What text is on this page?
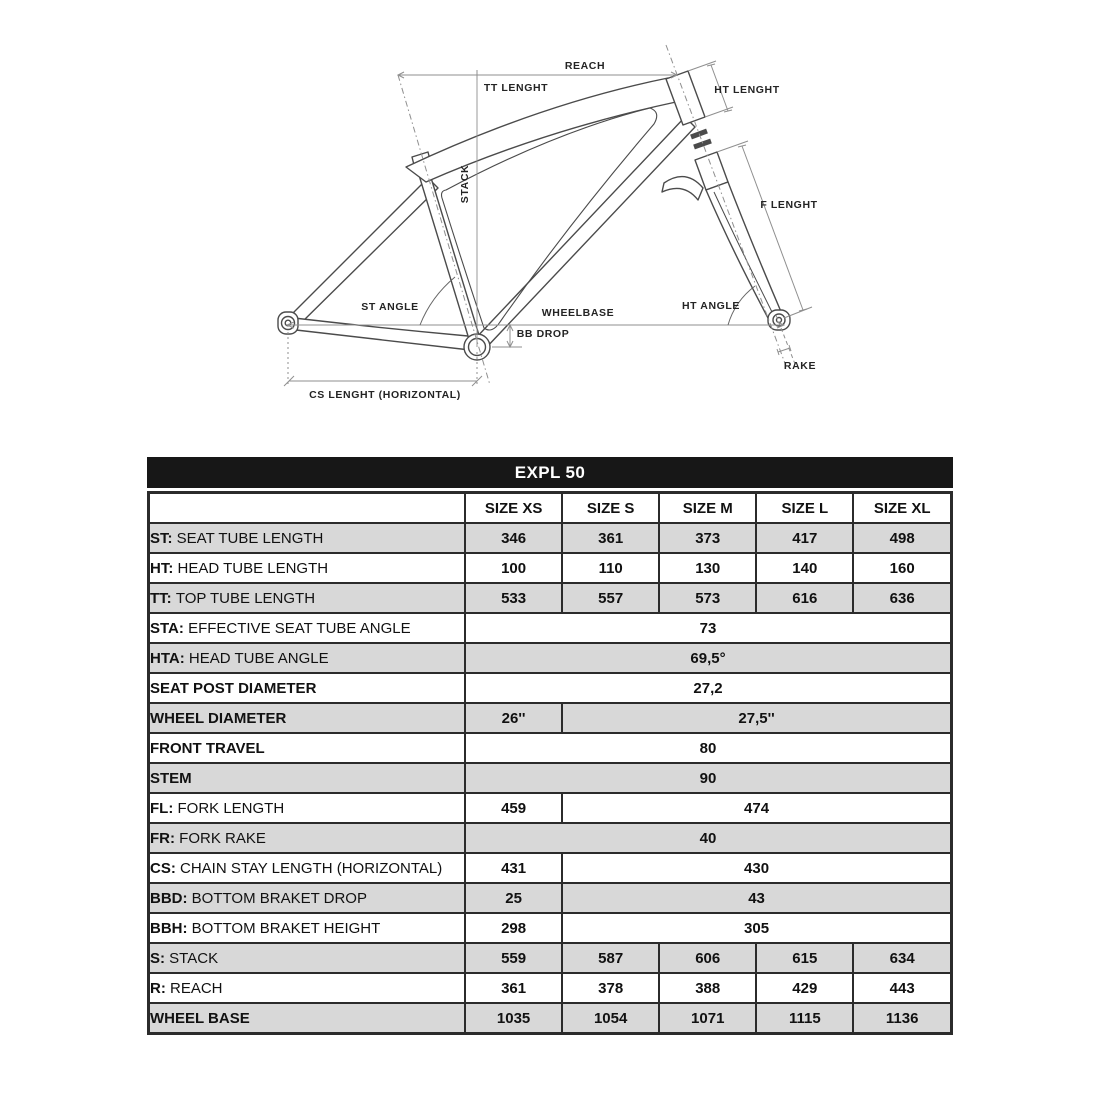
REACH
TT LENGHT	HT LENGHT
STACK
F LENGHT
ST ANGLE	WHEELBASE
BB DROP
HT ANGLE
RAKE
CS LENGHT (HORIZONTAL)
EXPL 50
	SIZE XS	SIZE S	SIZE M	SIZE L	SIZE XL
ST: SEAT TUBE LENGTH	346	361	373	417	498
HT: HEAD TUBE LENGTH	100	110	130	140	160
TT: TOP TUBE LENGTH	533	557	573	616	636
STA: EFFECTIVE SEAT TUBE ANGLE	73				
HTA: HEAD TUBE ANGLE	69,5°				
SEAT POST DIAMETER	27,2				
WHEEL DIAMETER	26''	27,5''			
FRONT TRAVEL	80				
STEM	90				
FL: FORK LENGTH	459	474			
FR: FORK RAKE	40				
CS: CHAIN STAY LENGTH (HORIZONTAL)	431	430			
BBD: BOTTOM BRAKET DROP	25	43			
BBH: BOTTOM BRAKET HEIGHT	298	305			
S: STACK	559	587	606	615	634
R: REACH	361	378	388	429	443
WHEEL BASE	1035	1054	1071	1115	1136
